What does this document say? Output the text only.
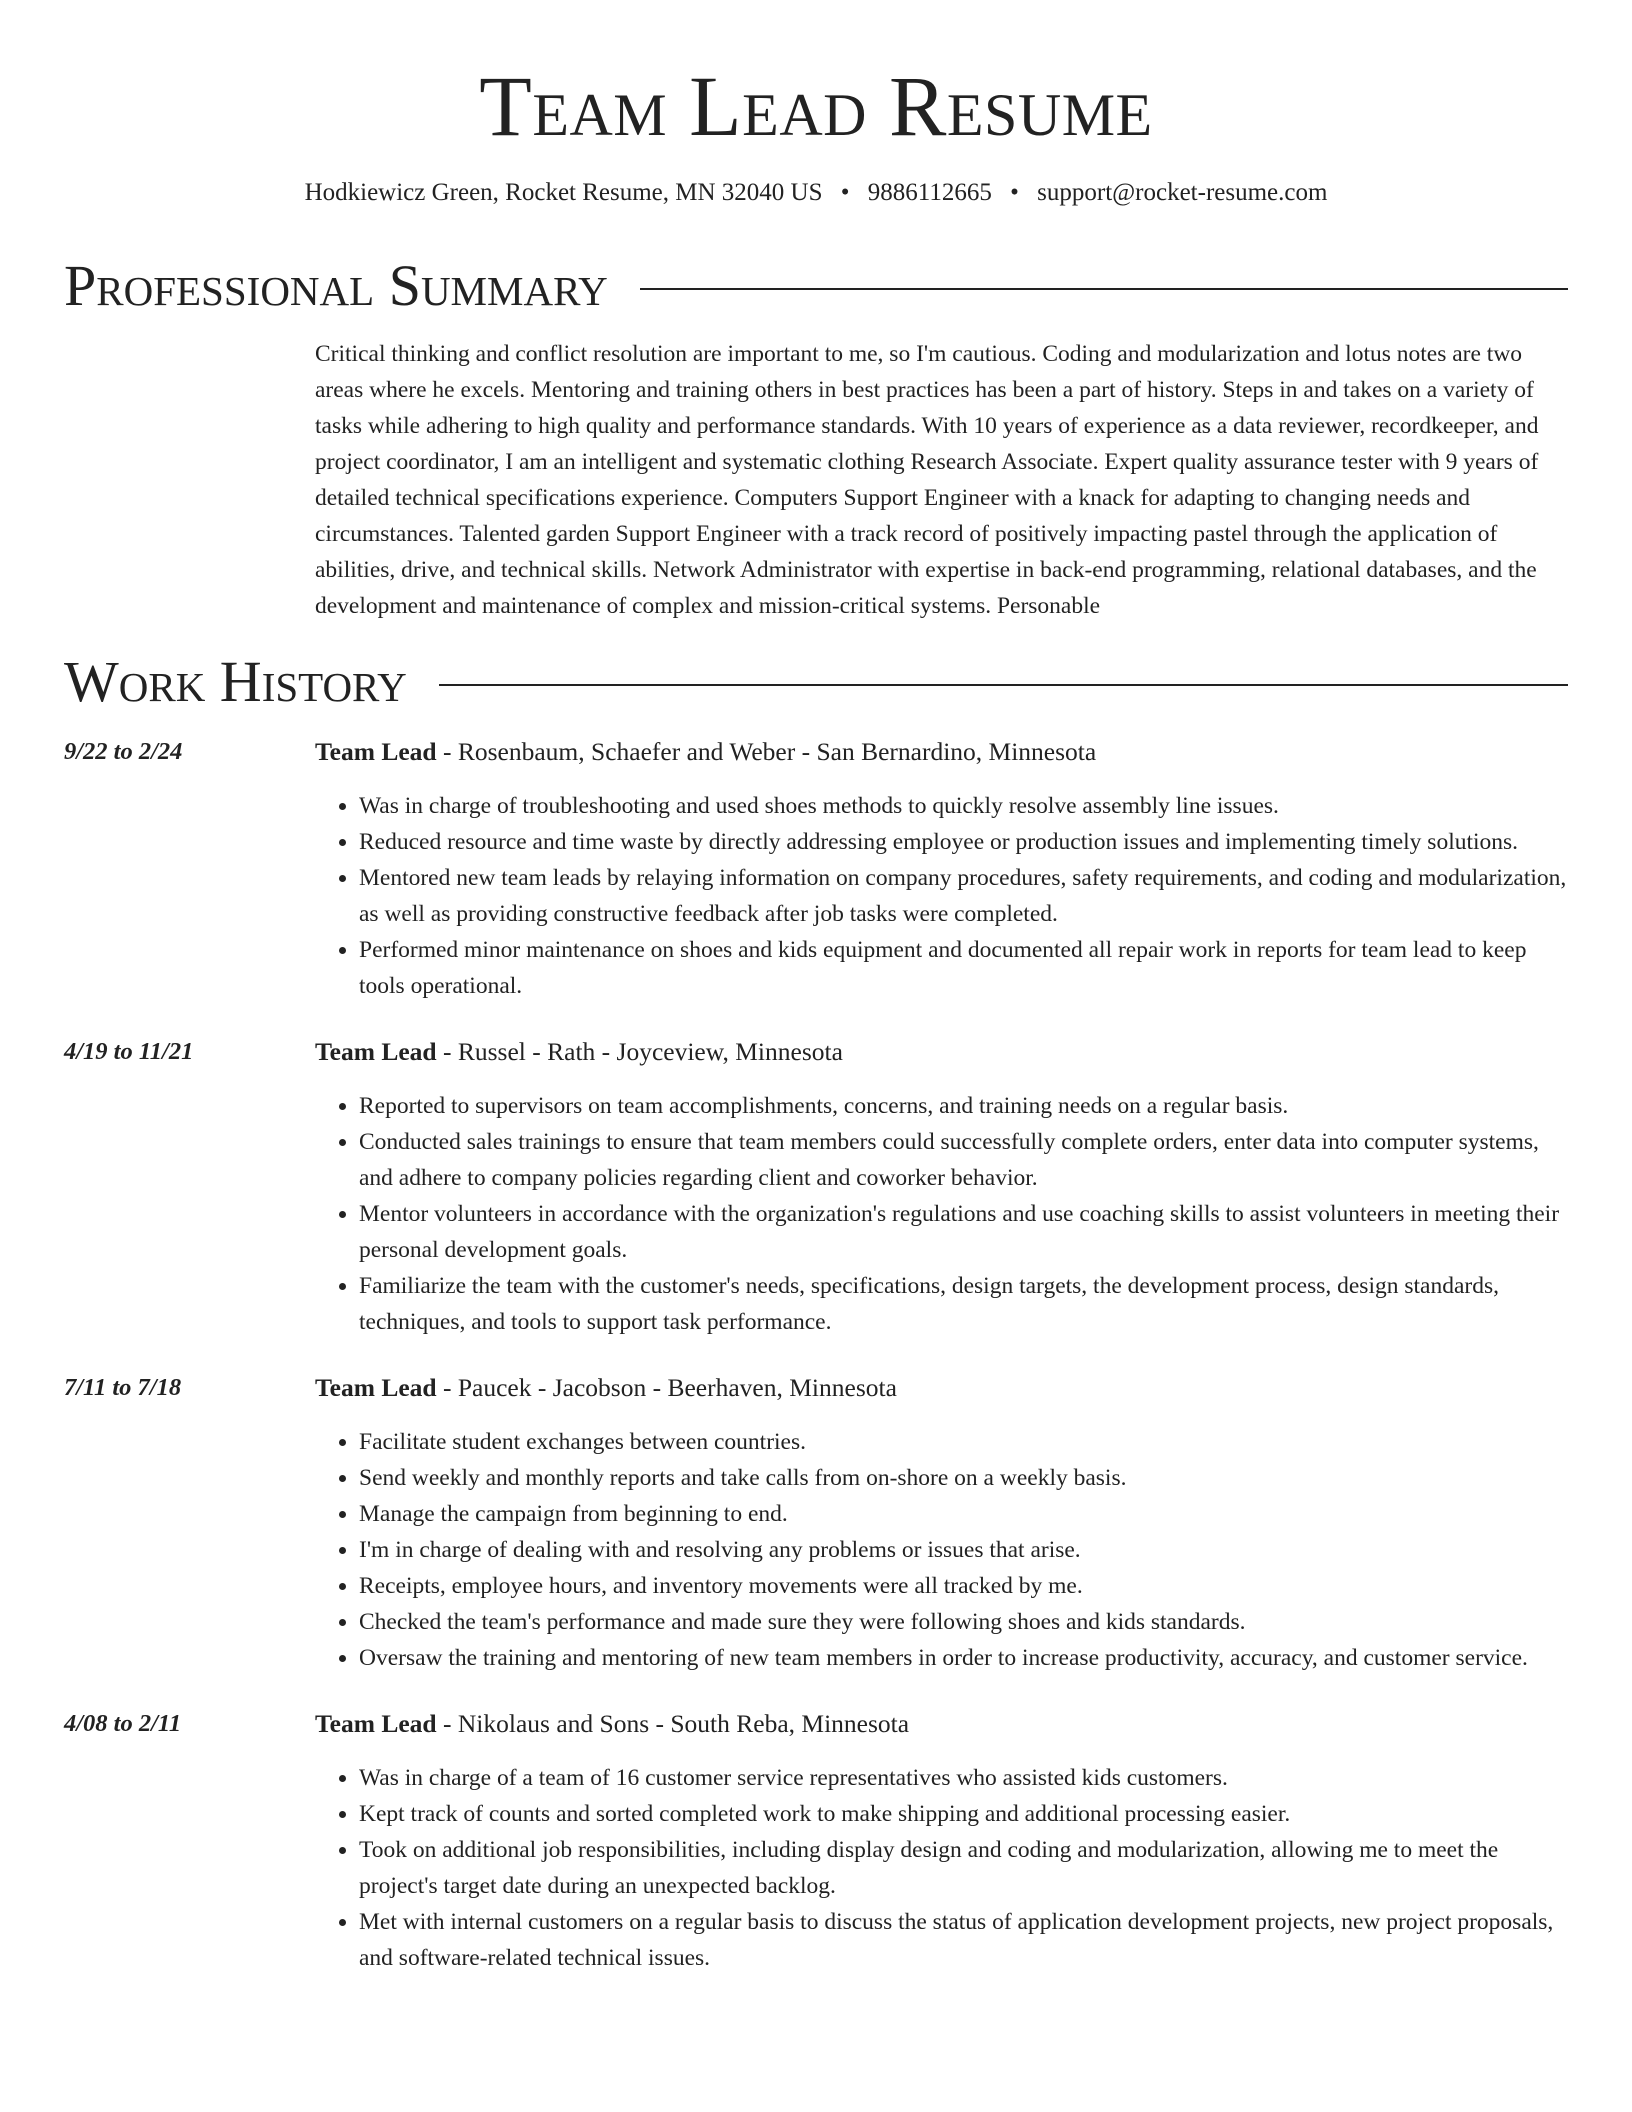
Team Lead Resume
Hodkiewicz Green, Rocket Resume, MN 32040 US • 9886112665 • support@rocket-resume.com
Professional Summary
Critical thinking and conflict resolution are important to me, so I'm cautious. Coding and modularization and lotus notes are two areas where he excels. Mentoring and training others in best practices has been a part of history. Steps in and takes on a variety of tasks while adhering to high quality and performance standards. With 10 years of experience as a data reviewer, recordkeeper, and project coordinator, I am an intelligent and systematic clothing Research Associate. Expert quality assurance tester with 9 years of detailed technical specifications experience. Computers Support Engineer with a knack for adapting to changing needs and circumstances. Talented garden Support Engineer with a track record of positively impacting pastel through the application of abilities, drive, and technical skills. Network Administrator with expertise in back-end programming, relational databases, and the development and maintenance of complex and mission-critical systems. Personable
Work History
9/22 to 2/24	Team Lead - Rosenbaum, Schaefer and Weber - San Bernardino, Minnesota
• Was in charge of troubleshooting and used shoes methods to quickly resolve assembly line issues.
• Reduced resource and time waste by directly addressing employee or production issues and implementing timely solutions.
• Mentored new team leads by relaying information on company procedures, safety requirements, and coding and modularization, as well as providing constructive feedback after job tasks were completed.
• Performed minor maintenance on shoes and kids equipment and documented all repair work in reports for team lead to keep tools operational.
4/19 to 11/21	Team Lead - Russel - Rath - Joyceview, Minnesota
• Reported to supervisors on team accomplishments, concerns, and training needs on a regular basis.
• Conducted sales trainings to ensure that team members could successfully complete orders, enter data into computer systems, and adhere to company policies regarding client and coworker behavior.
• Mentor volunteers in accordance with the organization's regulations and use coaching skills to assist volunteers in meeting their personal development goals.
• Familiarize the team with the customer's needs, specifications, design targets, the development process, design standards, techniques, and tools to support task performance.
7/11 to 7/18	Team Lead - Paucek - Jacobson - Beerhaven, Minnesota
• Facilitate student exchanges between countries.
• Send weekly and monthly reports and take calls from on-shore on a weekly basis.
• Manage the campaign from beginning to end.
• I'm in charge of dealing with and resolving any problems or issues that arise.
• Receipts, employee hours, and inventory movements were all tracked by me.
• Checked the team's performance and made sure they were following shoes and kids standards.
• Oversaw the training and mentoring of new team members in order to increase productivity, accuracy, and customer service.
4/08 to 2/11	Team Lead - Nikolaus and Sons - South Reba, Minnesota
• Was in charge of a team of 16 customer service representatives who assisted kids customers.
• Kept track of counts and sorted completed work to make shipping and additional processing easier.
• Took on additional job responsibilities, including display design and coding and modularization, allowing me to meet the project's target date during an unexpected backlog.
• Met with internal customers on a regular basis to discuss the status of application development projects, new project proposals, and software-related technical issues.
